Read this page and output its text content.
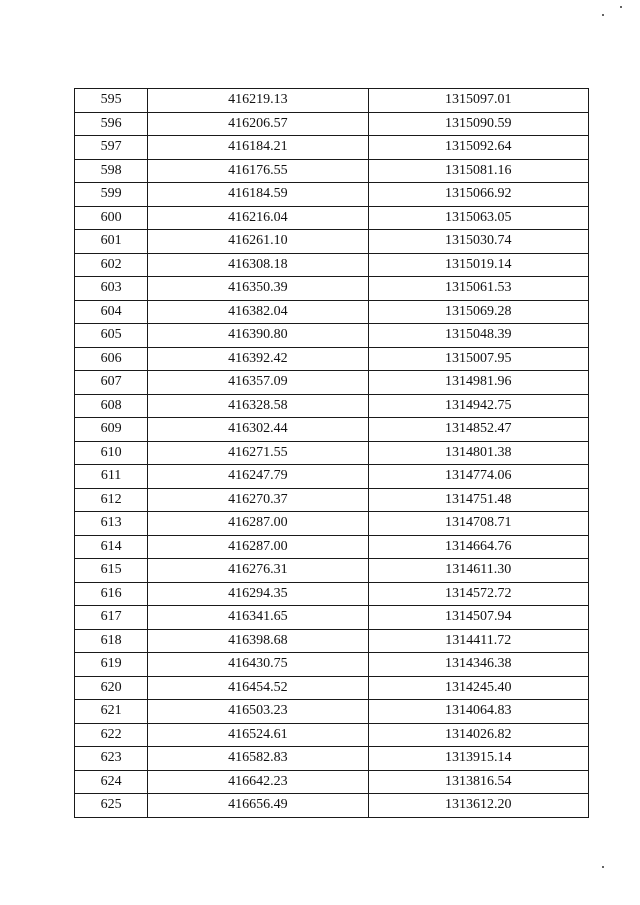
595	416219.13	1315097.01
596	416206.57	1315090.59
597	416184.21	1315092.64
598	416176.55	1315081.16
599	416184.59	1315066.92
600	416216.04	1315063.05
601	416261.10	1315030.74
602	416308.18	1315019.14
603	416350.39	1315061.53
604	416382.04	1315069.28
605	416390.80	1315048.39
606	416392.42	1315007.95
607	416357.09	1314981.96
608	416328.58	1314942.75
609	416302.44	1314852.47
610	416271.55	1314801.38
611	416247.79	1314774.06
612	416270.37	1314751.48
613	416287.00	1314708.71
614	416287.00	1314664.76
615	416276.31	1314611.30
616	416294.35	1314572.72
617	416341.65	1314507.94
618	416398.68	1314411.72
619	416430.75	1314346.38
620	416454.52	1314245.40
621	416503.23	1314064.83
622	416524.61	1314026.82
623	416582.83	1313915.14
624	416642.23	1313816.54
625	416656.49	1313612.20
